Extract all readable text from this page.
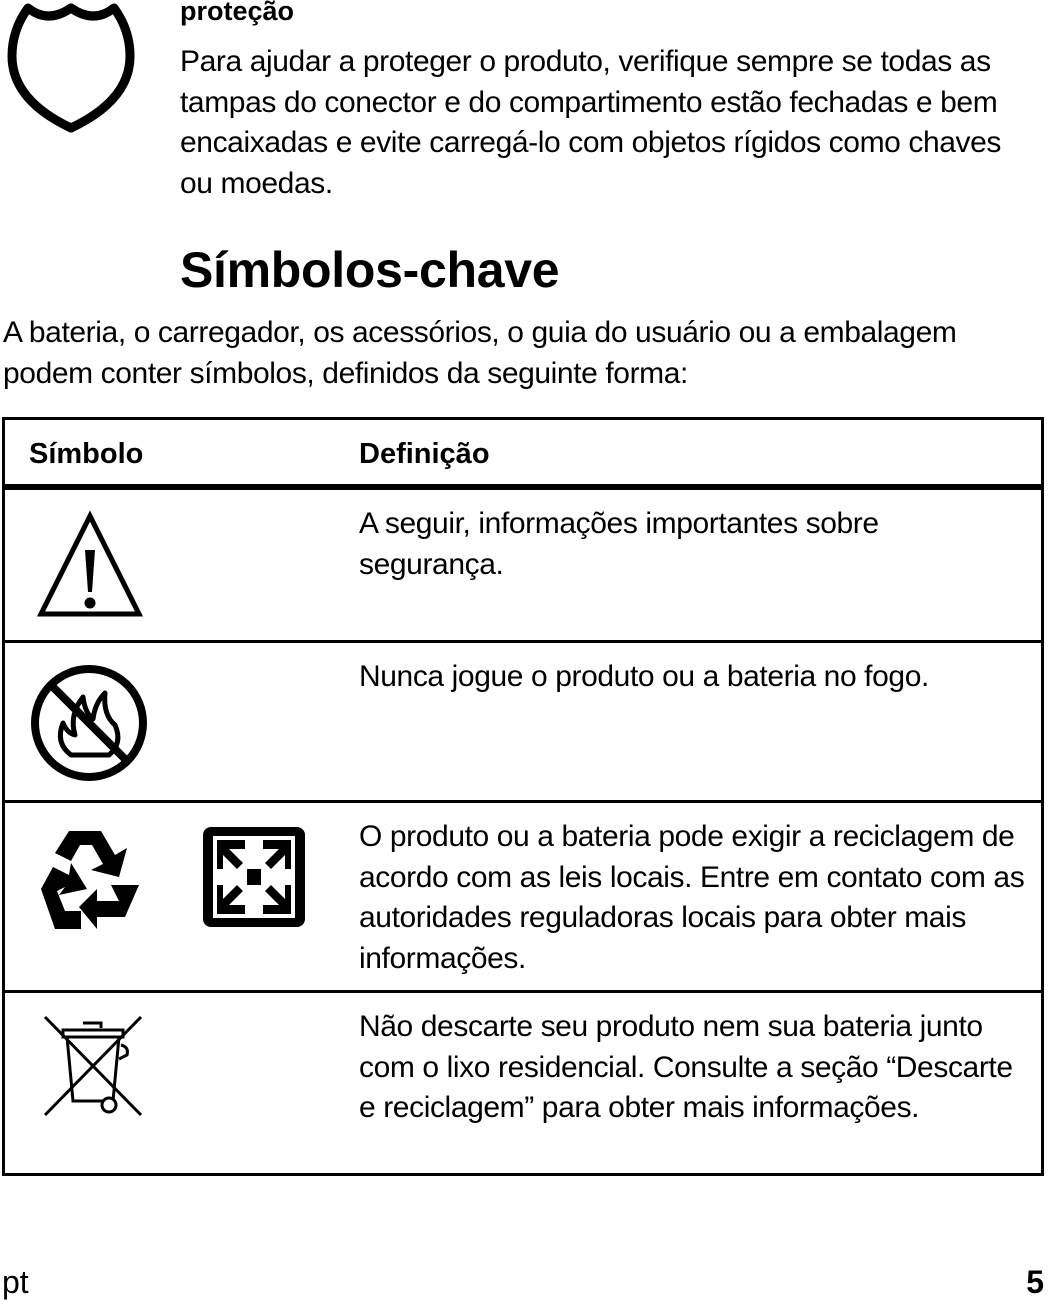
proteção
Para ajudar a proteger o produto, verifique sempre se todas as tampas do conector e do compartimento estão fechadas e bem encaixadas e evite carregá-lo com objetos rígidos como chaves ou moedas.
Símbolos-chave
A bateria, o carregador, os acessórios, o guia do usuário ou a embalagem podem conter símbolos, definidos da seguinte forma:
Símbolo	Definição
A seguir, informações importantes sobre segurança.
Nunca jogue o produto ou a bateria no fogo.
O produto ou a bateria pode exigir a reciclagem de acordo com as leis locais. Entre em contato com as autoridades reguladoras locais para obter mais informações.
Não descarte seu produto nem sua bateria junto com o lixo residencial. Consulte a seção “Descarte e reciclagem” para obter mais informações.
pt	5
